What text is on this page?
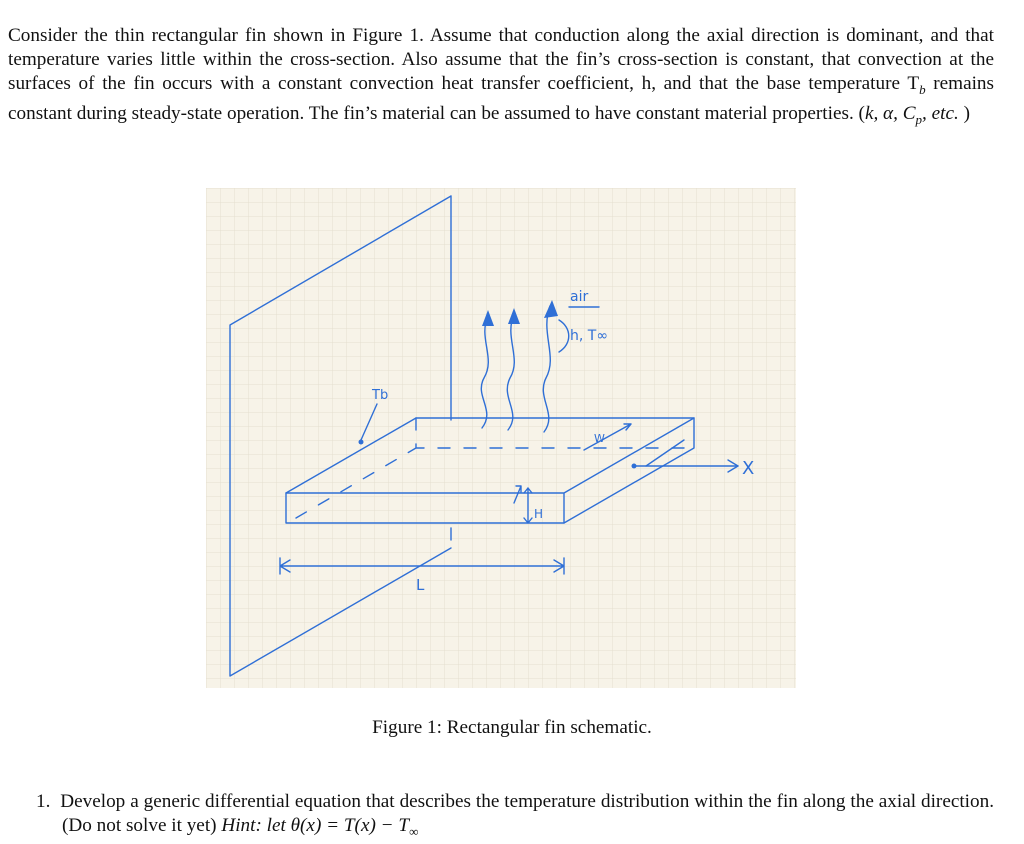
Consider the thin rectangular fin shown in Figure 1. Assume that conduction along the axial direction is dominant, and that temperature varies little within the cross-section. Also assume that the fin’s cross-section is constant, that convection at the surfaces of the fin occurs with a constant convection heat transfer coefficient, h, and that the base temperature $T_b$ remains constant during steady-state operation. The fin’s material can be assumed to have constant material properties. (k, α, $C_p$, etc. )

air
h, T∞
Tb
W
H
L
X
Figure 1: Rectangular fin schematic.
1. Develop a generic differential equation that describes the temperature distribution within the fin along the axial direction. (Do not solve it yet) Hint: let $\theta(x) = T(x) - T_\infty$
